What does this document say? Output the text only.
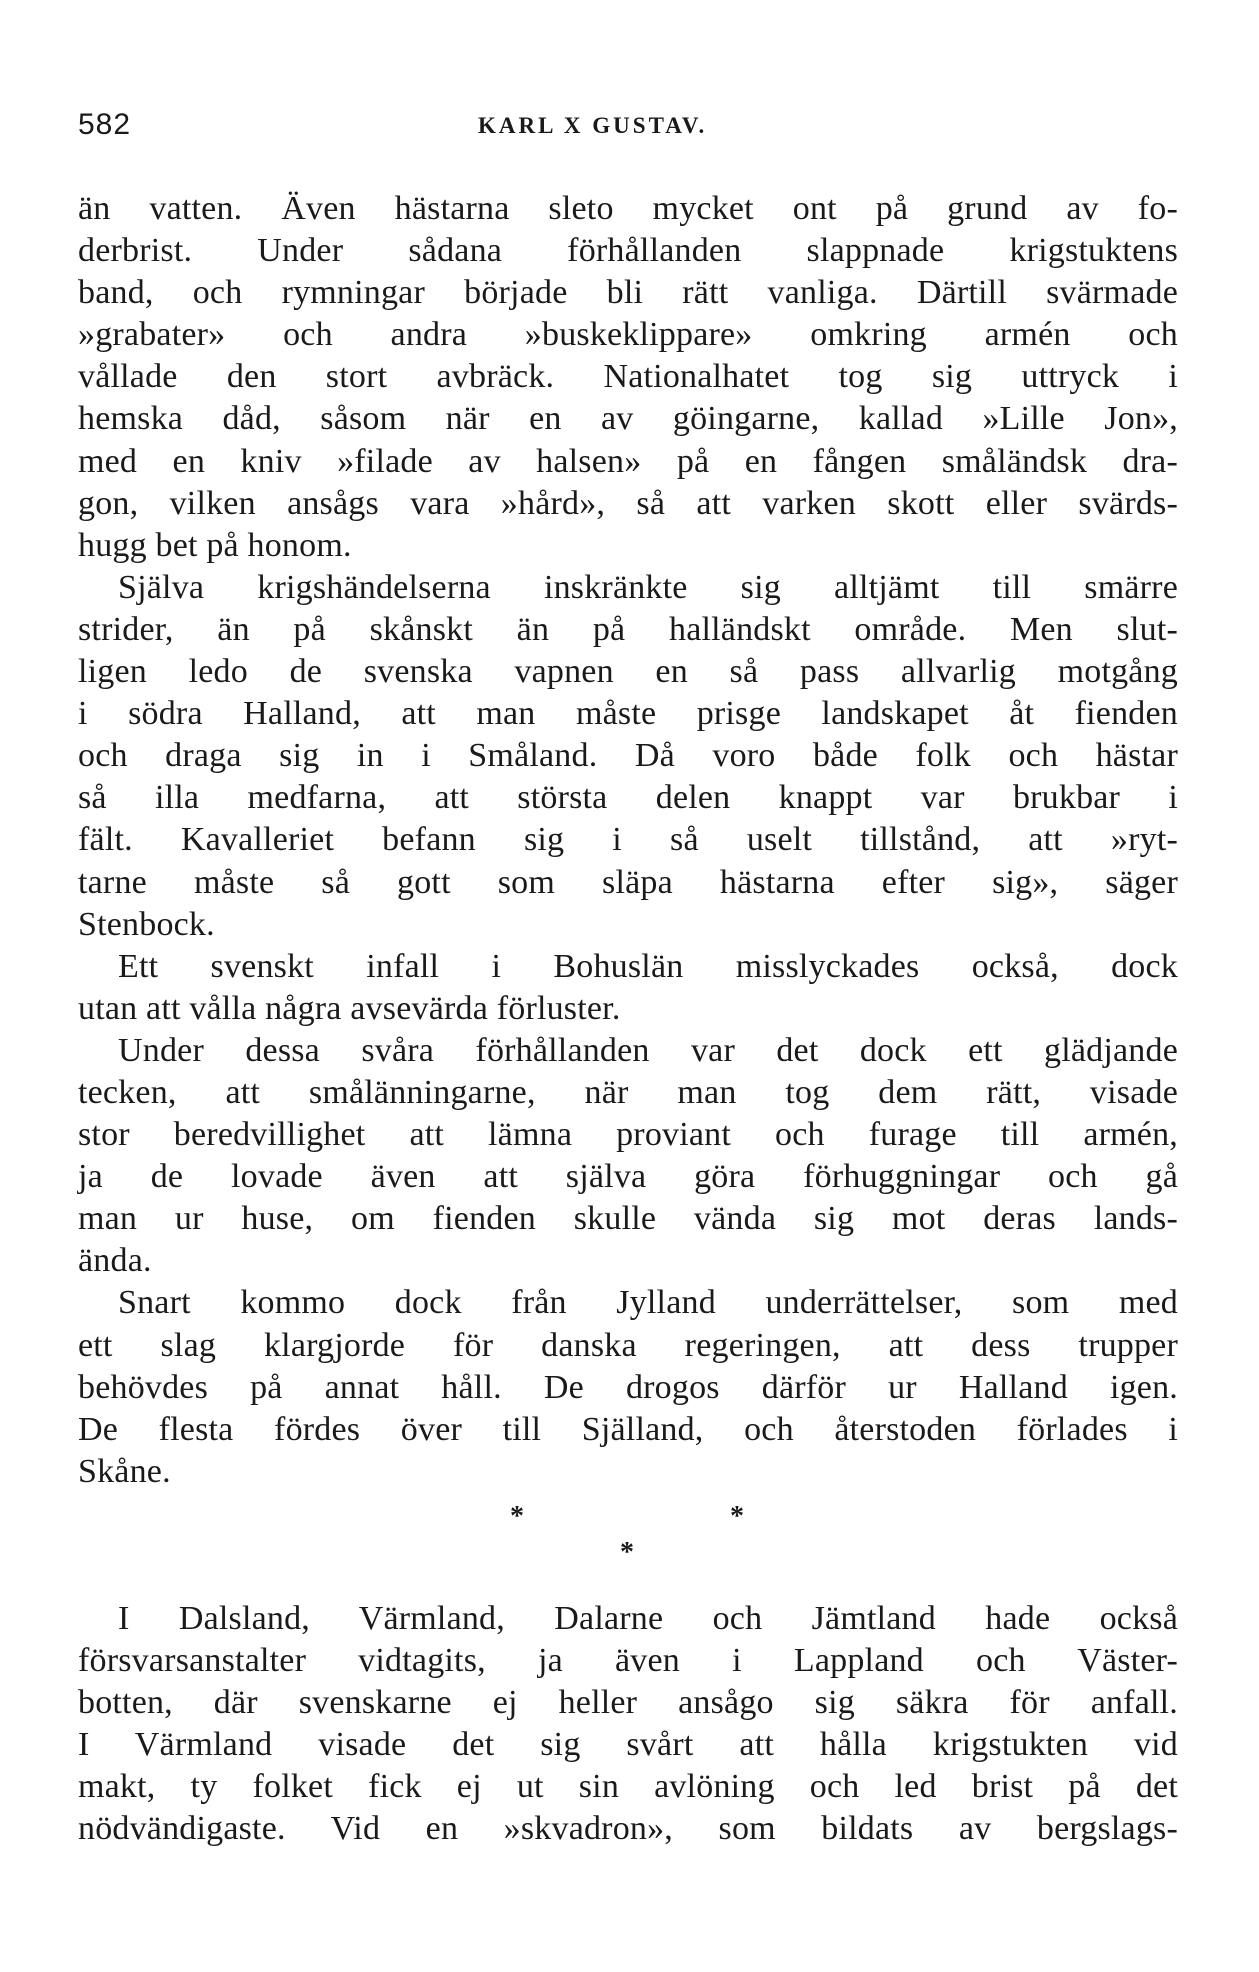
582	KARL X GUSTAV.
än vatten. Även hästarna sleto mycket ont på grund av fo-
derbrist. Under sådana förhållanden slappnade krigstuktens
band, och rymningar började bli rätt vanliga. Därtill svärmade
»grabater» och andra »buskeklippare» omkring armén och
vållade den stort avbräck. Nationalhatet tog sig uttryck i
hemska dåd, såsom när en av göingarne, kallad »Lille Jon»,
med en kniv »filade av halsen» på en fången småländsk dra-
gon, vilken ansågs vara »hård», så att varken skott eller svärds-
hugg bet på honom.
Själva krigshändelserna inskränkte sig alltjämt till smärre
strider, än på skånskt än på halländskt område. Men slut-
ligen ledo de svenska vapnen en så pass allvarlig motgång
i södra Halland, att man måste prisge landskapet åt fienden
och draga sig in i Småland. Då voro både folk och hästar
så illa medfarna, att största delen knappt var brukbar i
fält. Kavalleriet befann sig i så uselt tillstånd, att »ryt-
tarne måste så gott som släpa hästarna efter sig», säger
Stenbock.
Ett svenskt infall i Bohuslän misslyckades också, dock
utan att vålla några avsevärda förluster.
Under dessa svåra förhållanden var det dock ett glädjande
tecken, att smålänningarne, när man tog dem rätt, visade
stor beredvillighet att lämna proviant och furage till armén,
ja de lovade även att själva göra förhuggningar och gå
man ur huse, om fienden skulle vända sig mot deras lands-
ända.
Snart kommo dock från Jylland underrättelser, som med
ett slag klargjorde för danska regeringen, att dess trupper
behövdes på annat håll. De drogos därför ur Halland igen.
De flesta fördes över till Själland, och återstoden förlades i
Skåne.
*	*
*
I Dalsland, Värmland, Dalarne och Jämtland hade också
försvarsanstalter vidtagits, ja även i Lappland och Väster-
botten, där svenskarne ej heller ansågo sig säkra för anfall.
I Värmland visade det sig svårt att hålla krigstukten vid
makt, ty folket fick ej ut sin avlöning och led brist på det
nödvändigaste. Vid en »skvadron», som bildats av bergslags-
